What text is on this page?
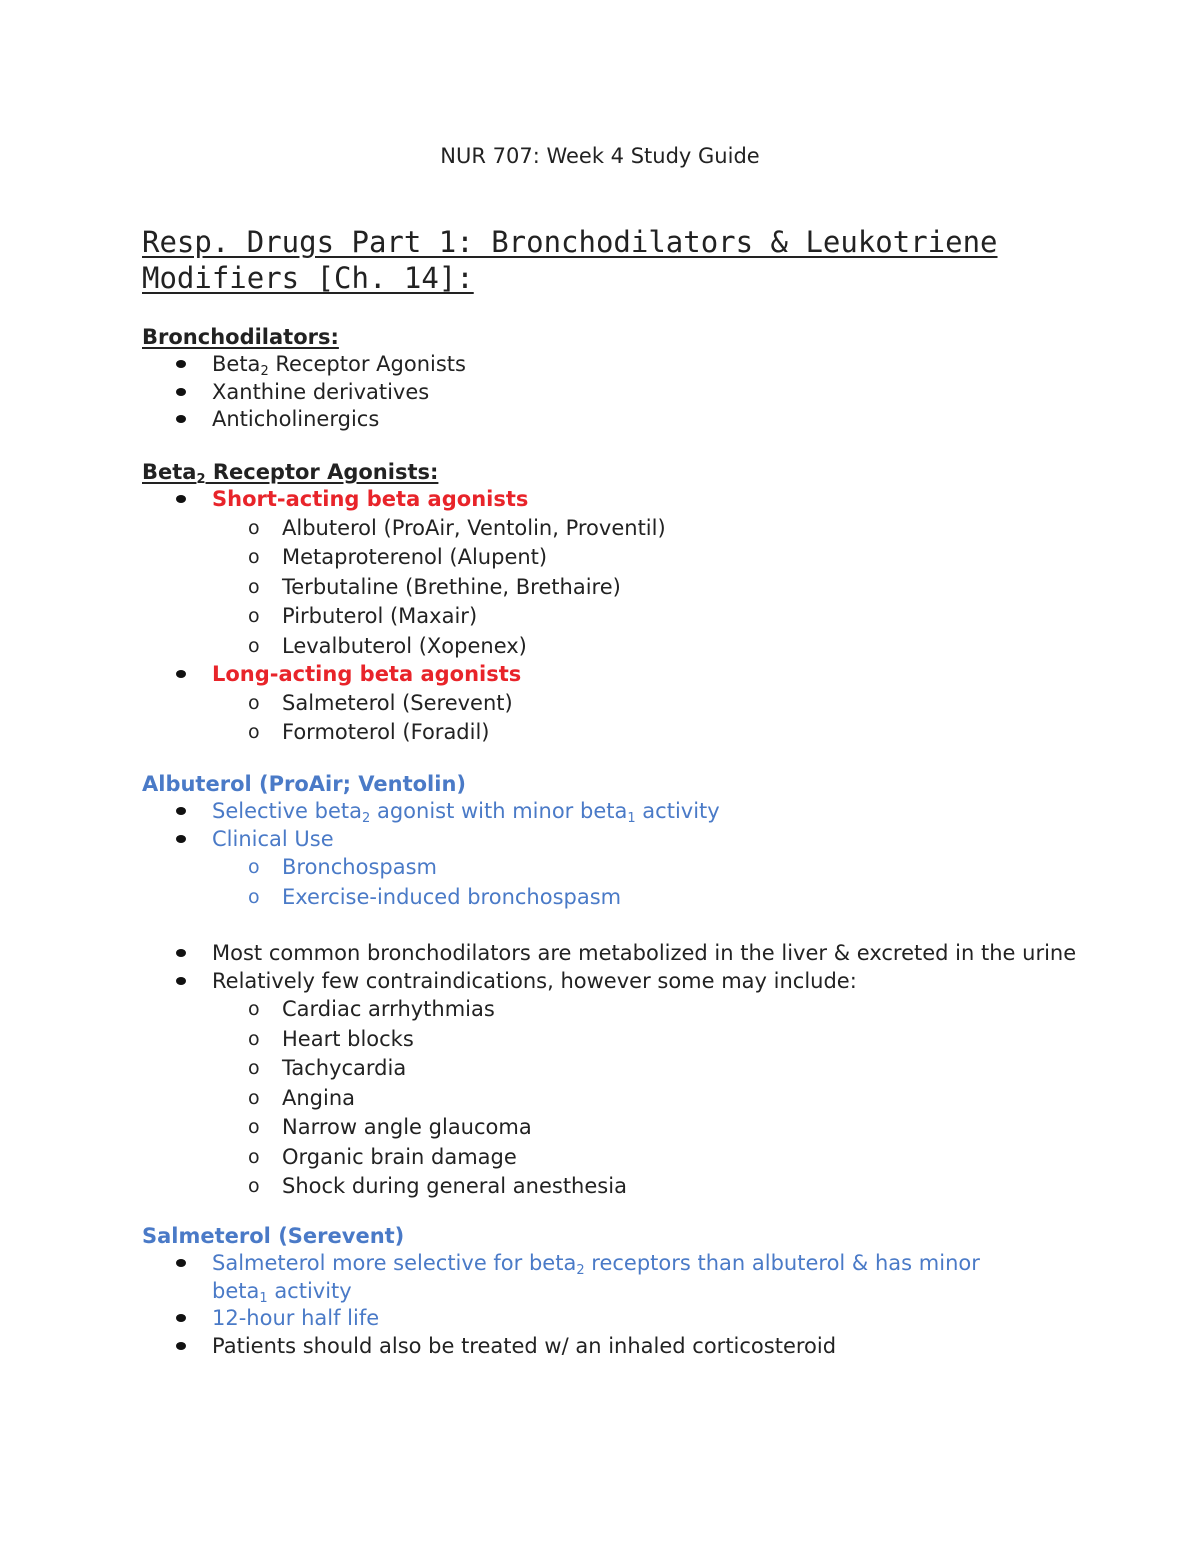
NUR 707: Week 4 Study Guide
Resp. Drugs Part 1: Bronchodilators & Leukotriene Modifiers [Ch. 14]:
Bronchodilators:
Beta$_2$ Receptor Agonists
Xanthine derivatives
Anticholinergics
Beta$_2$ Receptor Agonists:
Short-acting beta agonists
o Albuterol (ProAir, Ventolin, Proventil)
o Metaproterenol (Alupent)
o Terbutaline (Brethine, Brethaire)
o Pirbuterol (Maxair)
o Levalbuterol (Xopenex)
Long-acting beta agonists
o Salmeterol (Serevent)
o Formoterol (Foradil)
Albuterol (ProAir; Ventolin)
Selective beta$_2$ agonist with minor beta$_1$ activity
Clinical Use
o Bronchospasm
o Exercise-induced bronchospasm
Most common bronchodilators are metabolized in the liver & excreted in the urine
Relatively few contraindications, however some may include:
o Cardiac arrhythmias
o Heart blocks
o Tachycardia
o Angina
o Narrow angle glaucoma
o Organic brain damage
o Shock during general anesthesia
Salmeterol (Serevent)
Salmeterol more selective for beta$_2$ receptors than albuterol & has minor beta$_1$ activity
12-hour half life
Patients should also be treated w/ an inhaled corticosteroid
